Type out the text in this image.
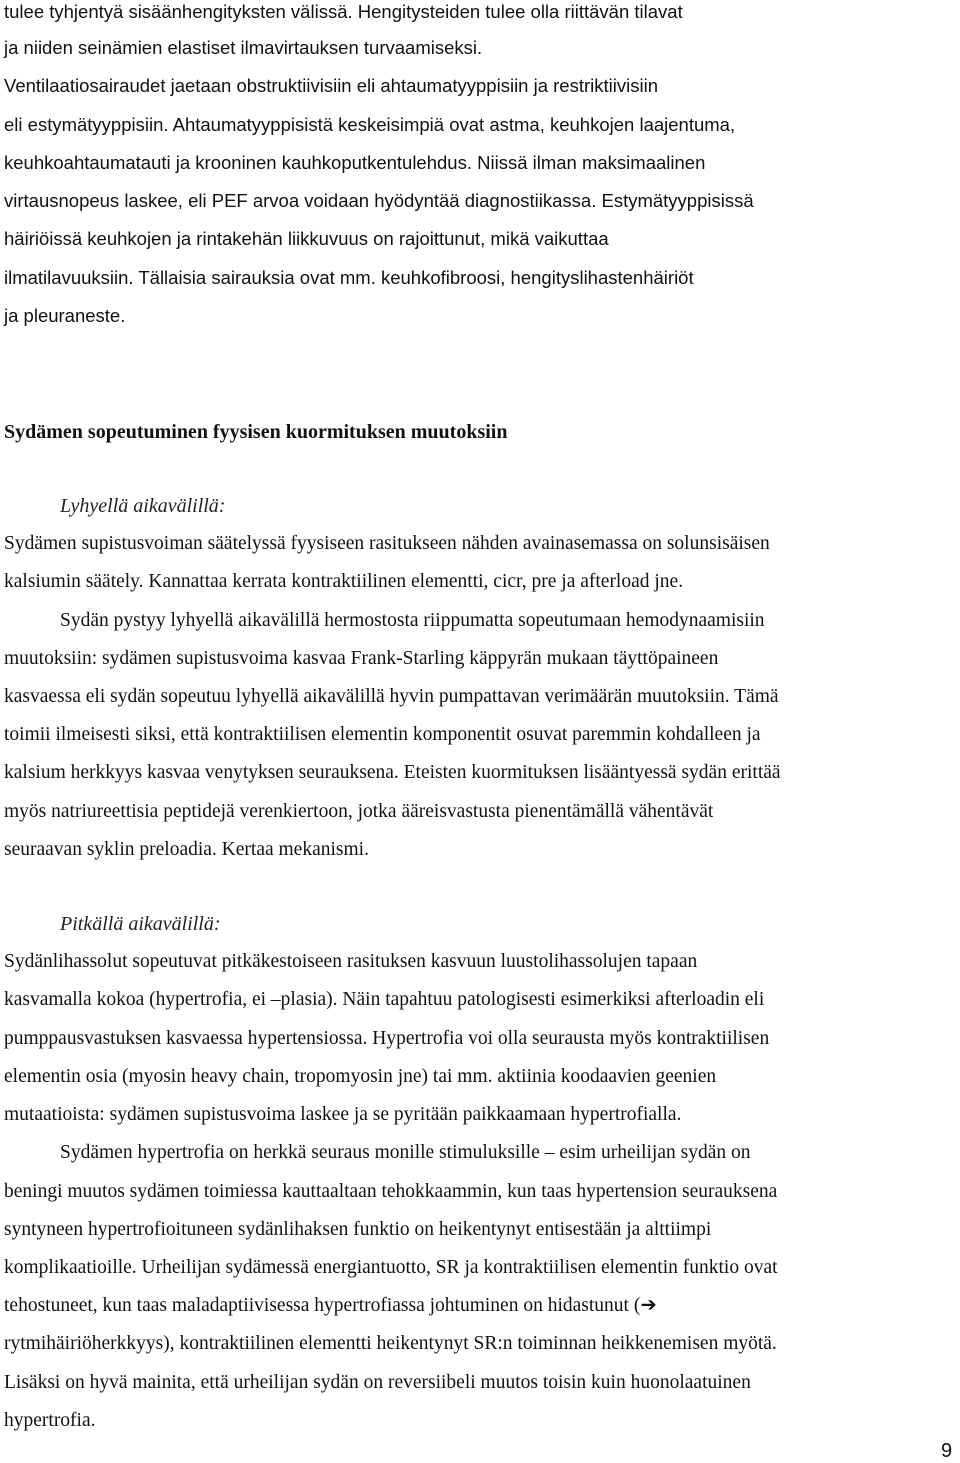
tulee tyhjentyä sisäänhengityksten välissä. Hengitysteiden tulee olla riittävän tilavat
ja niiden seinämien elastiset ilmavirtauksen turvaamiseksi.
Ventilaatiosairaudet jaetaan obstruktiivisiin eli ahtaumatyyppisiin ja restriktiivisiin
eli estymätyyppisiin. Ahtaumatyyppisistä keskeisimpiä ovat astma, keuhkojen laajentuma,
keuhkoahtaumatauti ja krooninen kauhkoputkentulehdus. Niissä ilman maksimaalinen
virtausnopeus laskee, eli PEF arvoa voidaan hyödyntää diagnostiikassa. Estymätyyppisissä
häiriöissä keuhkojen ja rintakehän liikkuvuus on rajoittunut, mikä vaikuttaa
ilmatilavuuksiin. Tällaisia sairauksia ovat mm. keuhkofibroosi, hengityslihastenhäiriöt
ja pleuraneste.
Sydämen sopeutuminen fyysisen kuormituksen muutoksiin
Lyhyellä aikavälillä:
Sydämen supistusvoiman säätelyssä fyysiseen rasitukseen nähden avainasemassa on solunsisäisen
kalsiumin säätely. Kannattaa kerrata kontraktiilinen elementti, cicr, pre ja afterload jne.
Sydän pystyy lyhyellä aikavälillä hermostosta riippumatta sopeutumaan hemodynaamisiin
muutoksiin: sydämen supistusvoima kasvaa Frank-Starling käppyrän mukaan täyttöpaineen
kasvaessa eli sydän sopeutuu lyhyellä aikavälillä hyvin pumpattavan verimäärän muutoksiin. Tämä
toimii ilmeisesti siksi, että kontraktiilisen elementin komponentit osuvat paremmin kohdalleen ja
kalsium herkkyys kasvaa venytyksen seurauksena. Eteisten kuormituksen lisääntyessä sydän erittää
myös natriureettisia peptidejä verenkiertoon, jotka ääreisvastusta pienentämällä vähentävät
seuraavan syklin preloadia. Kertaa mekanismi.
Pitkällä aikavälillä:
Sydänlihassolut sopeutuvat pitkäkestoiseen rasituksen kasvuun luustolihassolujen tapaan
kasvamalla kokoa (hypertrofia, ei –plasia). Näin tapahtuu patologisesti esimerkiksi afterloadin eli
pumppausvastuksen kasvaessa hypertensiossa. Hypertrofia voi olla seurausta myös kontraktiilisen
elementin osia (myosin heavy chain, tropomyosin jne) tai mm. aktiinia koodaavien geenien
mutaatioista: sydämen supistusvoima laskee ja se pyritään paikkaamaan hypertrofialla.
Sydämen hypertrofia on herkkä seuraus monille stimuluksille – esim urheilijan sydän on
beningi muutos sydämen toimiessa kauttaaltaan tehokkaammin, kun taas hypertension seurauksena
syntyneen hypertrofioituneen sydänlihaksen funktio on heikentynyt entisestään ja alttiimpi
komplikaatioille. Urheilijan sydämessä energiantuotto, SR ja kontraktiilisen elementin funktio ovat
tehostuneet, kun taas maladaptiivisessa hypertrofiassa johtuminen on hidastunut (➔
rytmihäiriöherkkyys), kontraktiilinen elementti heikentynyt SR:n toiminnan heikkenemisen myötä.
Lisäksi on hyvä mainita, että urheilijan sydän on reversiibeli muutos toisin kuin huonolaatuinen
hypertrofia.
9
